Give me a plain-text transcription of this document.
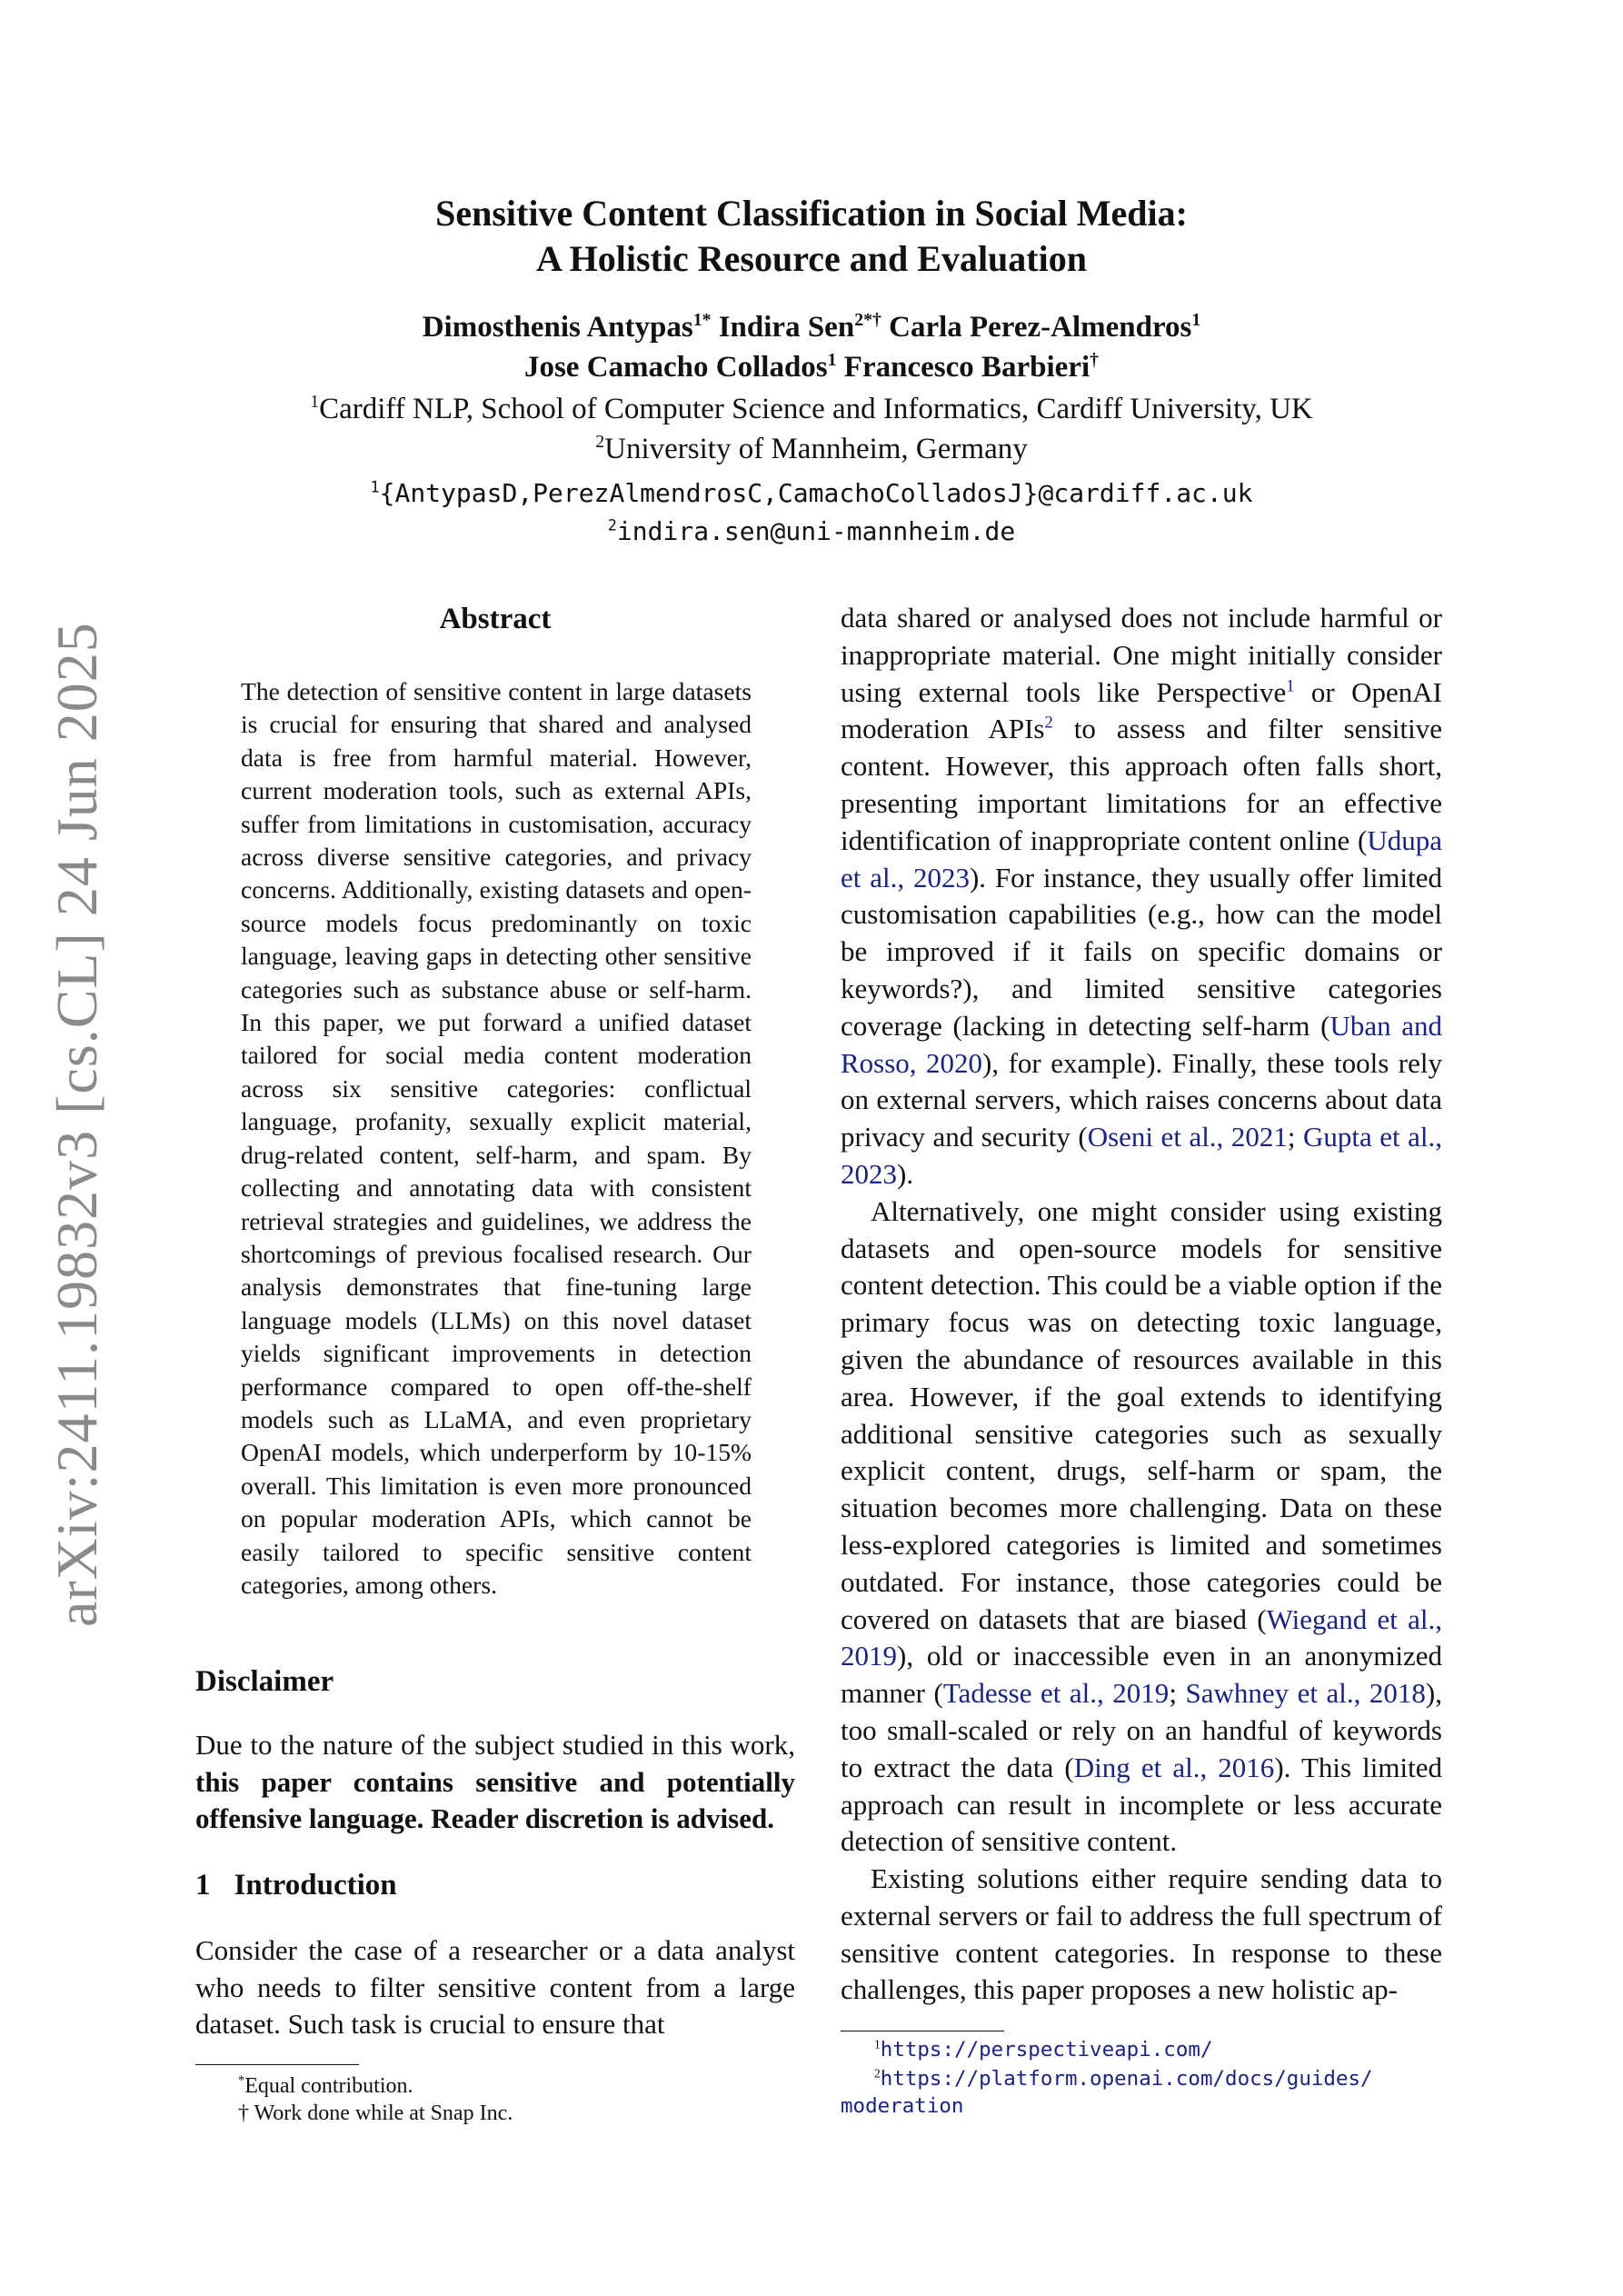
arXiv:2411.19832v3 [cs.CL] 24 Jun 2025
Sensitive Content Classification in Social Media:
A Holistic Resource and Evaluation
Dimosthenis Antypas$^{1*}$ Indira Sen$^{2*\dagger}$ Carla Perez-Almendros$^1$
Jose Camacho Collados$^1$ Francesco Barbieri†
$^1$Cardiff NLP, School of Computer Science and Informatics, Cardiff University, UK
$^2$University of Mannheim, Germany
$^1${AntypasD,PerezAlmendrosC,CamachoColladosJ}@cardiff.ac.uk
$^2$indira.sen@uni-mannheim.de
Abstract
The detection of sensitive content in large datasets is crucial for ensuring that shared and analysed data is free from harmful material. However, current moderation tools, such as external APIs, suffer from limitations in customisation, accuracy across diverse sensitive categories, and privacy concerns. Additionally, existing datasets and open-source models focus predominantly on toxic language, leaving gaps in detecting other sensitive categories such as substance abuse or self-harm. In this paper, we put forward a unified dataset tailored for social media content moderation across six sensitive categories: conflictual language, profanity, sexually explicit material, drug-related content, self-harm, and spam. By collecting and annotating data with consistent retrieval strategies and guidelines, we address the shortcomings of previous focalised research. Our analysis demonstrates that fine-tuning large language models (LLMs) on this novel dataset yields significant improvements in detection performance compared to open off-the-shelf models such as LLaMA, and even proprietary OpenAI models, which underperform by 10-15% overall. This limitation is even more pronounced on popular moderation APIs, which cannot be easily tailored to specific sensitive content categories, among others.
Disclaimer
Due to the nature of the subject studied in this work, this paper contains sensitive and potentially offensive language. Reader discretion is advised.
1 Introduction
Consider the case of a researcher or a data analyst who needs to filter sensitive content from a large dataset. Such task is crucial to ensure that
*Equal contribution.
† Work done while at Snap Inc.

data shared or analysed does not include harmful or inappropriate material. One might initially consider using external tools like Perspective$^1$ or OpenAI moderation APIs$^2$ to assess and filter sensitive content. However, this approach often falls short, presenting important limitations for an effective identification of inappropriate content online (Udupa et al., 2023). For instance, they usually offer limited customisation capabilities (e.g., how can the model be improved if it fails on specific domains or keywords?), and limited sensitive categories coverage (lacking in detecting self-harm (Uban and Rosso, 2020), for example). Finally, these tools rely on external servers, which raises concerns about data privacy and security (Oseni et al., 2021; Gupta et al., 2023).

Alternatively, one might consider using existing datasets and open-source models for sensitive content detection. This could be a viable option if the primary focus was on detecting toxic language, given the abundance of resources available in this area. However, if the goal extends to identifying additional sensitive categories such as sexually explicit content, drugs, self-harm or spam, the situation becomes more challenging. Data on these less-explored categories is limited and sometimes outdated. For instance, those categories could be covered on datasets that are biased (Wiegand et al., 2019), old or inaccessible even in an anonymized manner (Tadesse et al., 2019; Sawhney et al., 2018), too small-scaled or rely on an handful of keywords to extract the data (Ding et al., 2016). This limited approach can result in incomplete or less accurate detection of sensitive content.

Existing solutions either require sending data to external servers or fail to address the full spectrum of sensitive content categories. In response to these challenges, this paper proposes a new holistic ap-

$^1$https://perspectiveapi.com/
$^2$https://platform.openai.com/docs/guides/
moderation
